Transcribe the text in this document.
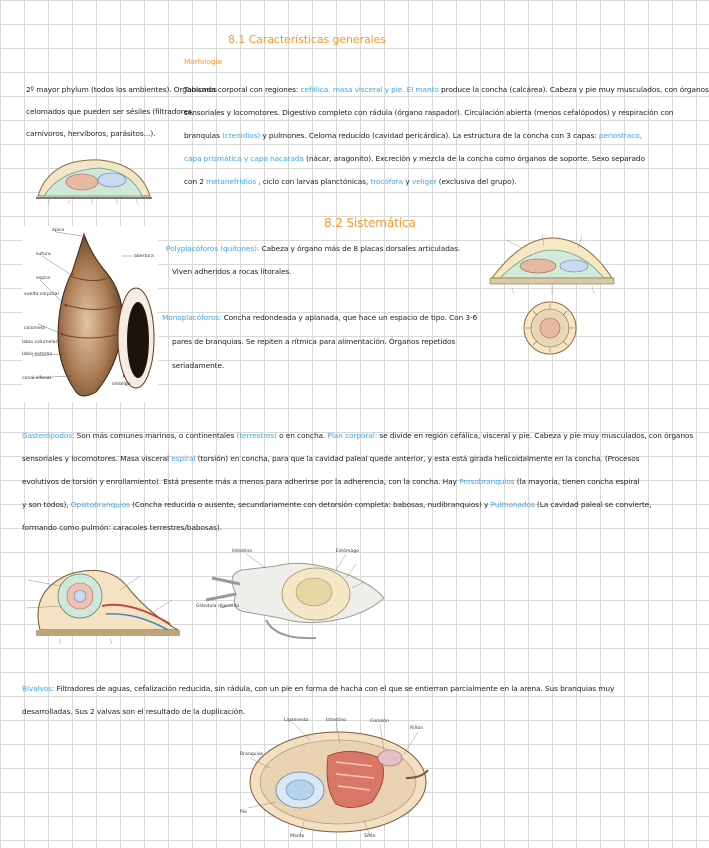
8.1 Características generales
Morfología
2º mayor phylum (todos los ambientes). Organismos
celomados que pueden ser sésiles (filtradores,
carnívoros, hervíboros, parásitos...).
Tabicada corporal con regiones: cefálica, masa visceral y pie. El manto produce la concha (calcárea). Cabeza y pie muy musculados, con órganos
sensoriales y locomotores. Digestivo completo con rádula (órgano raspador). Circulación abierta (menos cefalópodos) y respiración con
branquias (ctenidios) y pulmones. Celoma reducido (cavidad pericárdica). La estructura de la concha con 3 capas: periostraco,
capa prismática y capa nacarada (nácar, aragonito). Excreción y mezcla de la concha como órganos de soporte. Sexo separado
con 2 metanefridios , ciclo con larvas planctónicas, trocófora y velíger (exclusiva del grupo).
8.2 Sistemática
ápice
sutura
espira
vuelta corporal
labio columelar
abertura
labio externo
canal sifonal
ombligo
columela
Polyplacóforos (quitones): Cabeza y órgano más de 8 placas dorsales articuladas.
Viven adheridos a rocas litorales.
Monoplacóforos: Concha redondeada y aplanada, que hace un espacio de tipo. Con 3-6
pares de branquias. Se repiten a rítmica para alimentación. Órganos repetidos
seriadamente.
Gasterópodos: Son más comunes marinos, o continentales (terrestres) o en concha. Plan corporal: se divide en región cefálica, visceral y pie. Cabeza y pie muy musculados, con órganos
sensoriales y locomotores. Masa visceral espiral (torsión) en concha, para que la cavidad paleal quede anterior, y esta está girada helicoidalmente en la concha. (Procesos
evolutivos de torsión y enrollamiento). Está presente más a menos para adherirse por la adherencia, con la concha. Hay Prosobranquios (la mayoría, tienen concha espiral
y son todos), Opistobranquios (Concha reducida o ausente, secundariamente con detorsión completa: babosas, nudibranquios) y Pulmonados (La cavidad paleal se convierte,
formando como pulmón: caracoles terrestres/babosas).
Intestino	Estómago
Glándula digestiva
Bivalvos: Filtradores de aguas, cefalización reducida, sin rádula, con un pie en forma de hacha con el que se entierran parcialmente en la arena. Sus branquias muy
desarrolladas. Sus 2 valvas son el resultado de la duplicación.
Ligamento	Intestino	Corazón
Riñón
Branquias
Pie
Manto	Sifón
